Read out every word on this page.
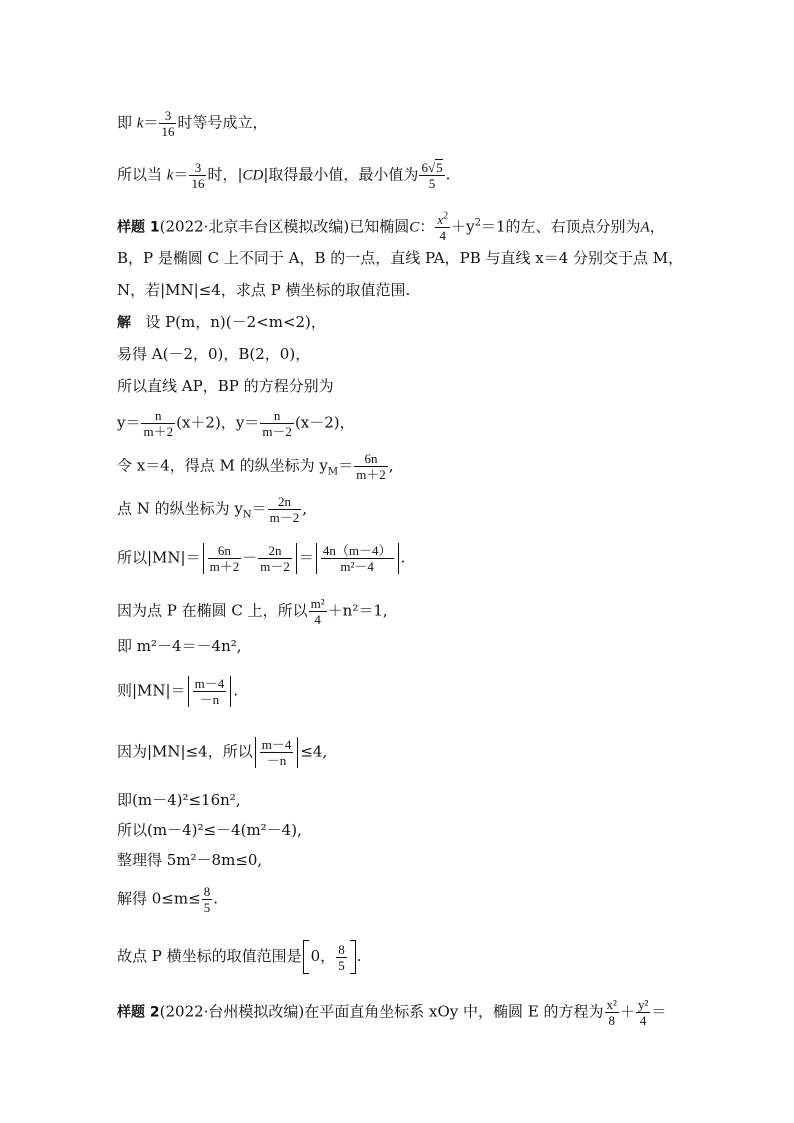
即 $k= \frac{3}{16}$ 时等号成立，
所以当 $k= \frac{3}{16}$ 时，|CD|取得最小值，最小值为 $\frac{6√5}{5}$ .
样题 1(2022·北京丰台区模拟改编)已知椭圆C： $\frac{x^2}{4} +y^2=1$的左、右顶点分别为A，
B，P 是椭圆 C 上不同于 A，B 的一点，直线 PA，PB 与直线 x＝4 分别交于点 M，
N，若|MN|≤4，求点 P 横坐标的取值范围.
解 设 P(m，n)(－2<m<2)，
易得 A(－2，0)，B(2，0)，
所以直线 AP，BP 的方程分别为
$y= \frac{n}{m+2} (x+2)$，$y= \frac{n}{m-2} (x-2)$，
令 x＝4，得点 M 的纵坐标为 $y_M= \frac{6n}{m+2}$ ,
点 N 的纵坐标为 $y_N= \frac{2n}{m-2}$ ,
所以$|MN|= \frac{6n}{m+2} - \frac{2n}{m-2} = \frac{4n(m-4)}{\text{m²－4}}$ .
因为点 P 在椭圆 C 上，所以 $\frac{\text{m²}}{4} +n^2=1$,
即 m²－4＝－4n²,
则$|MN|= \frac{m-4}{-n}$ .
因为|MN|≤4，所以 $\frac{m-4}{-n} \le 4$,
即(m－4)²≤16n²,
所以(m－4)²≤－4(m²－4),
整理得 5m²－8m≤0,
解得 $0\le m\le \frac{8}{5}$ .
故点 P 横坐标的取值范围是 0， $\frac{8}{5}$ .
样题 2(2022·台州模拟改编)在平面直角坐标系 xOy 中，椭圆 E 的方程为 $\frac{\text{x²}}{8} + \frac{\text{y²}}{4}$ ＝
